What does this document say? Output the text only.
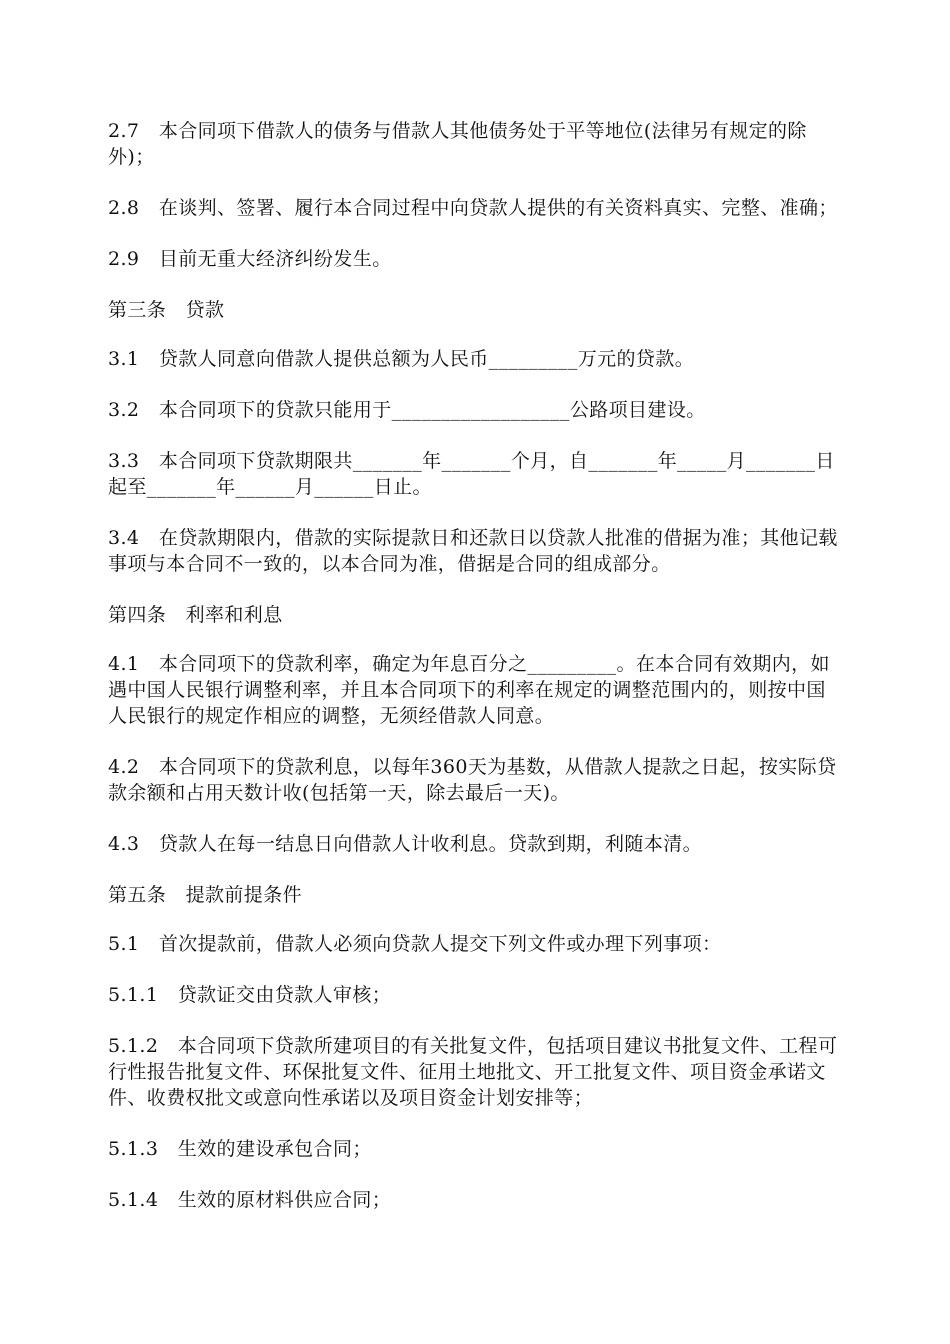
2.7　本合同项下借款人的债务与借款人其他债务处于平等地位(法律另有规定的除外)；

2.8　在谈判、签署、履行本合同过程中向贷款人提供的有关资料真实、完整、准确；

2.9　目前无重大经济纠纷发生。

第三条　贷款

3.1　贷款人同意向借款人提供总额为人民币_________万元的贷款。

3.2　本合同项下的贷款只能用于__________________公路项目建设。

3.3　本合同项下贷款期限共_______年_______个月，自_______年_____月_______日起至_______年______月______日止。

3.4　在贷款期限内，借款的实际提款日和还款日以贷款人批准的借据为准；其他记载事项与本合同不一致的，以本合同为准，借据是合同的组成部分。

第四条　利率和利息

4.1　本合同项下的贷款利率，确定为年息百分之_________。在本合同有效期内，如遇中国人民银行调整利率，并且本合同项下的利率在规定的调整范围内的，则按中国人民银行的规定作相应的调整，无须经借款人同意。

4.2　本合同项下的贷款利息，以每年360天为基数，从借款人提款之日起，按实际贷款余额和占用天数计收(包括第一天，除去最后一天)。

4.3　贷款人在每一结息日向借款人计收利息。贷款到期，利随本清。

第五条　提款前提条件

5.1　首次提款前，借款人必须向贷款人提交下列文件或办理下列事项：

5.1.1　贷款证交由贷款人审核；

5.1.2　本合同项下贷款所建项目的有关批复文件，包括项目建议书批复文件、工程可行性报告批复文件、环保批复文件、征用土地批文、开工批复文件、项目资金承诺文件、收费权批文或意向性承诺以及项目资金计划安排等；

5.1.3　生效的建设承包合同；

5.1.4　生效的原材料供应合同；
